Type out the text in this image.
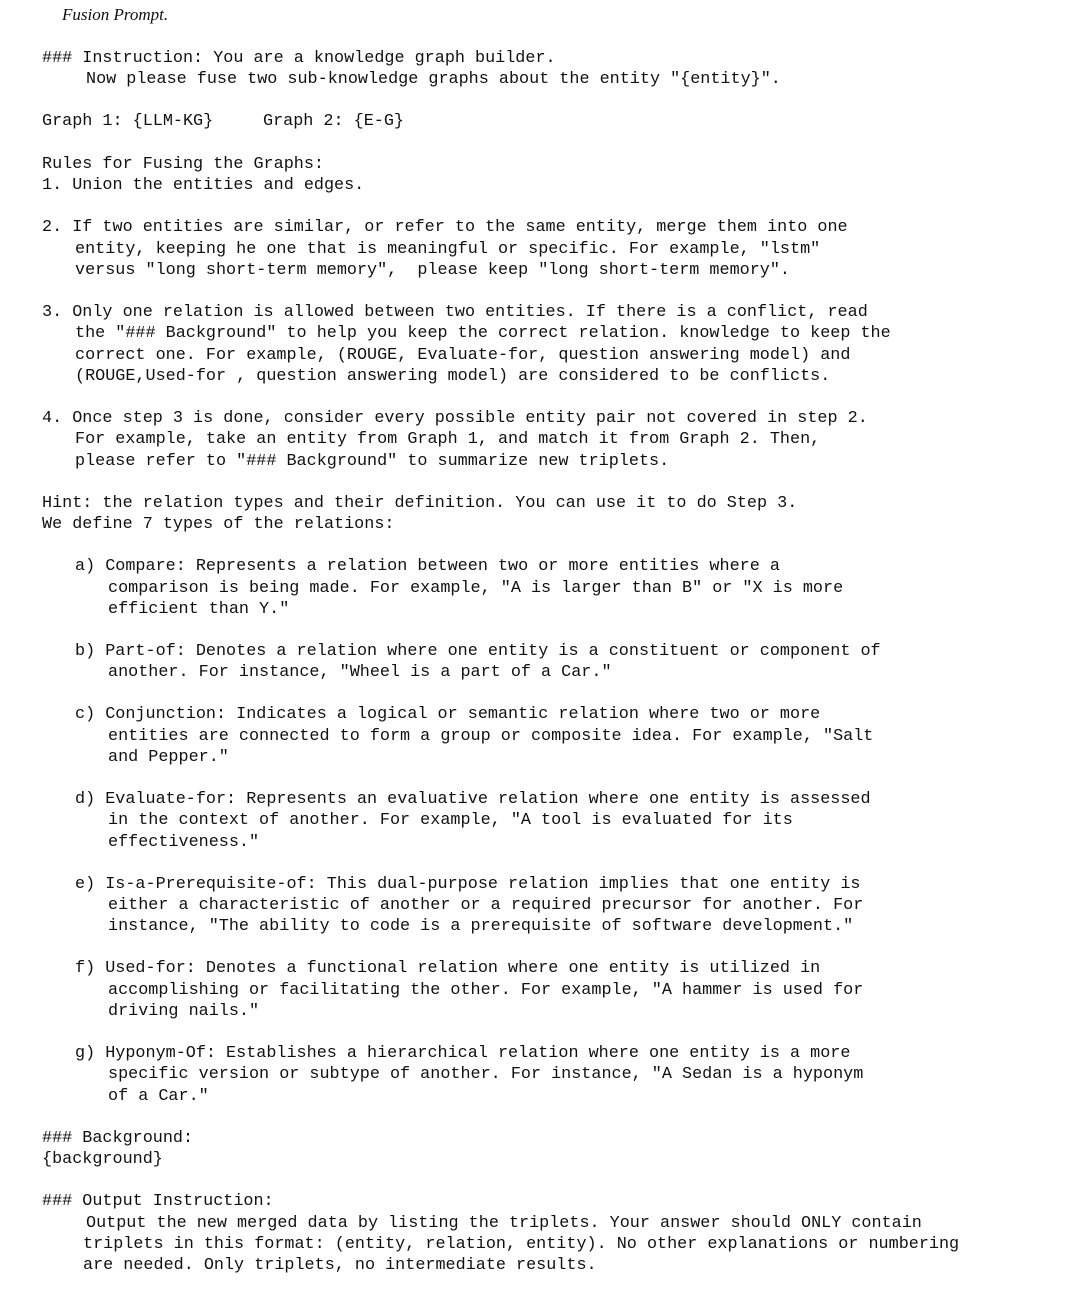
Fusion Prompt.
### Instruction: You are a knowledge graph builder.
Now please fuse two sub-knowledge graphs about the entity "{entity}".
Graph 1: {LLM-KG}	Graph 2: {E-G}
Rules for Fusing the Graphs:
1. Union the entities and edges.
2. If two entities are similar, or refer to the same entity, merge them into one
entity, keeping he one that is meaningful or specific. For example, "lstm"
versus "long short-term memory",  please keep "long short-term memory".
3. Only one relation is allowed between two entities. If there is a conflict, read
the "### Background" to help you keep the correct relation. knowledge to keep the
correct one. For example, (ROUGE, Evaluate-for, question answering model) and
(ROUGE,Used-for , question answering model) are considered to be conflicts.
4. Once step 3 is done, consider every possible entity pair not covered in step 2.
For example, take an entity from Graph 1, and match it from Graph 2. Then,
please refer to "### Background" to summarize new triplets.
Hint: the relation types and their definition. You can use it to do Step 3.
We define 7 types of the relations:
a) Compare: Represents a relation between two or more entities where a
comparison is being made. For example, "A is larger than B" or "X is more
efficient than Y."
b) Part-of: Denotes a relation where one entity is a constituent or component of
another. For instance, "Wheel is a part of a Car."
c) Conjunction: Indicates a logical or semantic relation where two or more
entities are connected to form a group or composite idea. For example, "Salt
and Pepper."
d) Evaluate-for: Represents an evaluative relation where one entity is assessed
in the context of another. For example, "A tool is evaluated for its
effectiveness."
e) Is-a-Prerequisite-of: This dual-purpose relation implies that one entity is
either a characteristic of another or a required precursor for another. For
instance, "The ability to code is a prerequisite of software development."
f) Used-for: Denotes a functional relation where one entity is utilized in
accomplishing or facilitating the other. For example, "A hammer is used for
driving nails."
g) Hyponym-Of: Establishes a hierarchical relation where one entity is a more
specific version or subtype of another. For instance, "A Sedan is a hyponym
of a Car."
### Background:
{background}
### Output Instruction:
Output the new merged data by listing the triplets. Your answer should ONLY contain
triplets in this format: (entity, relation, entity). No other explanations or numbering
are needed. Only triplets, no intermediate results.
